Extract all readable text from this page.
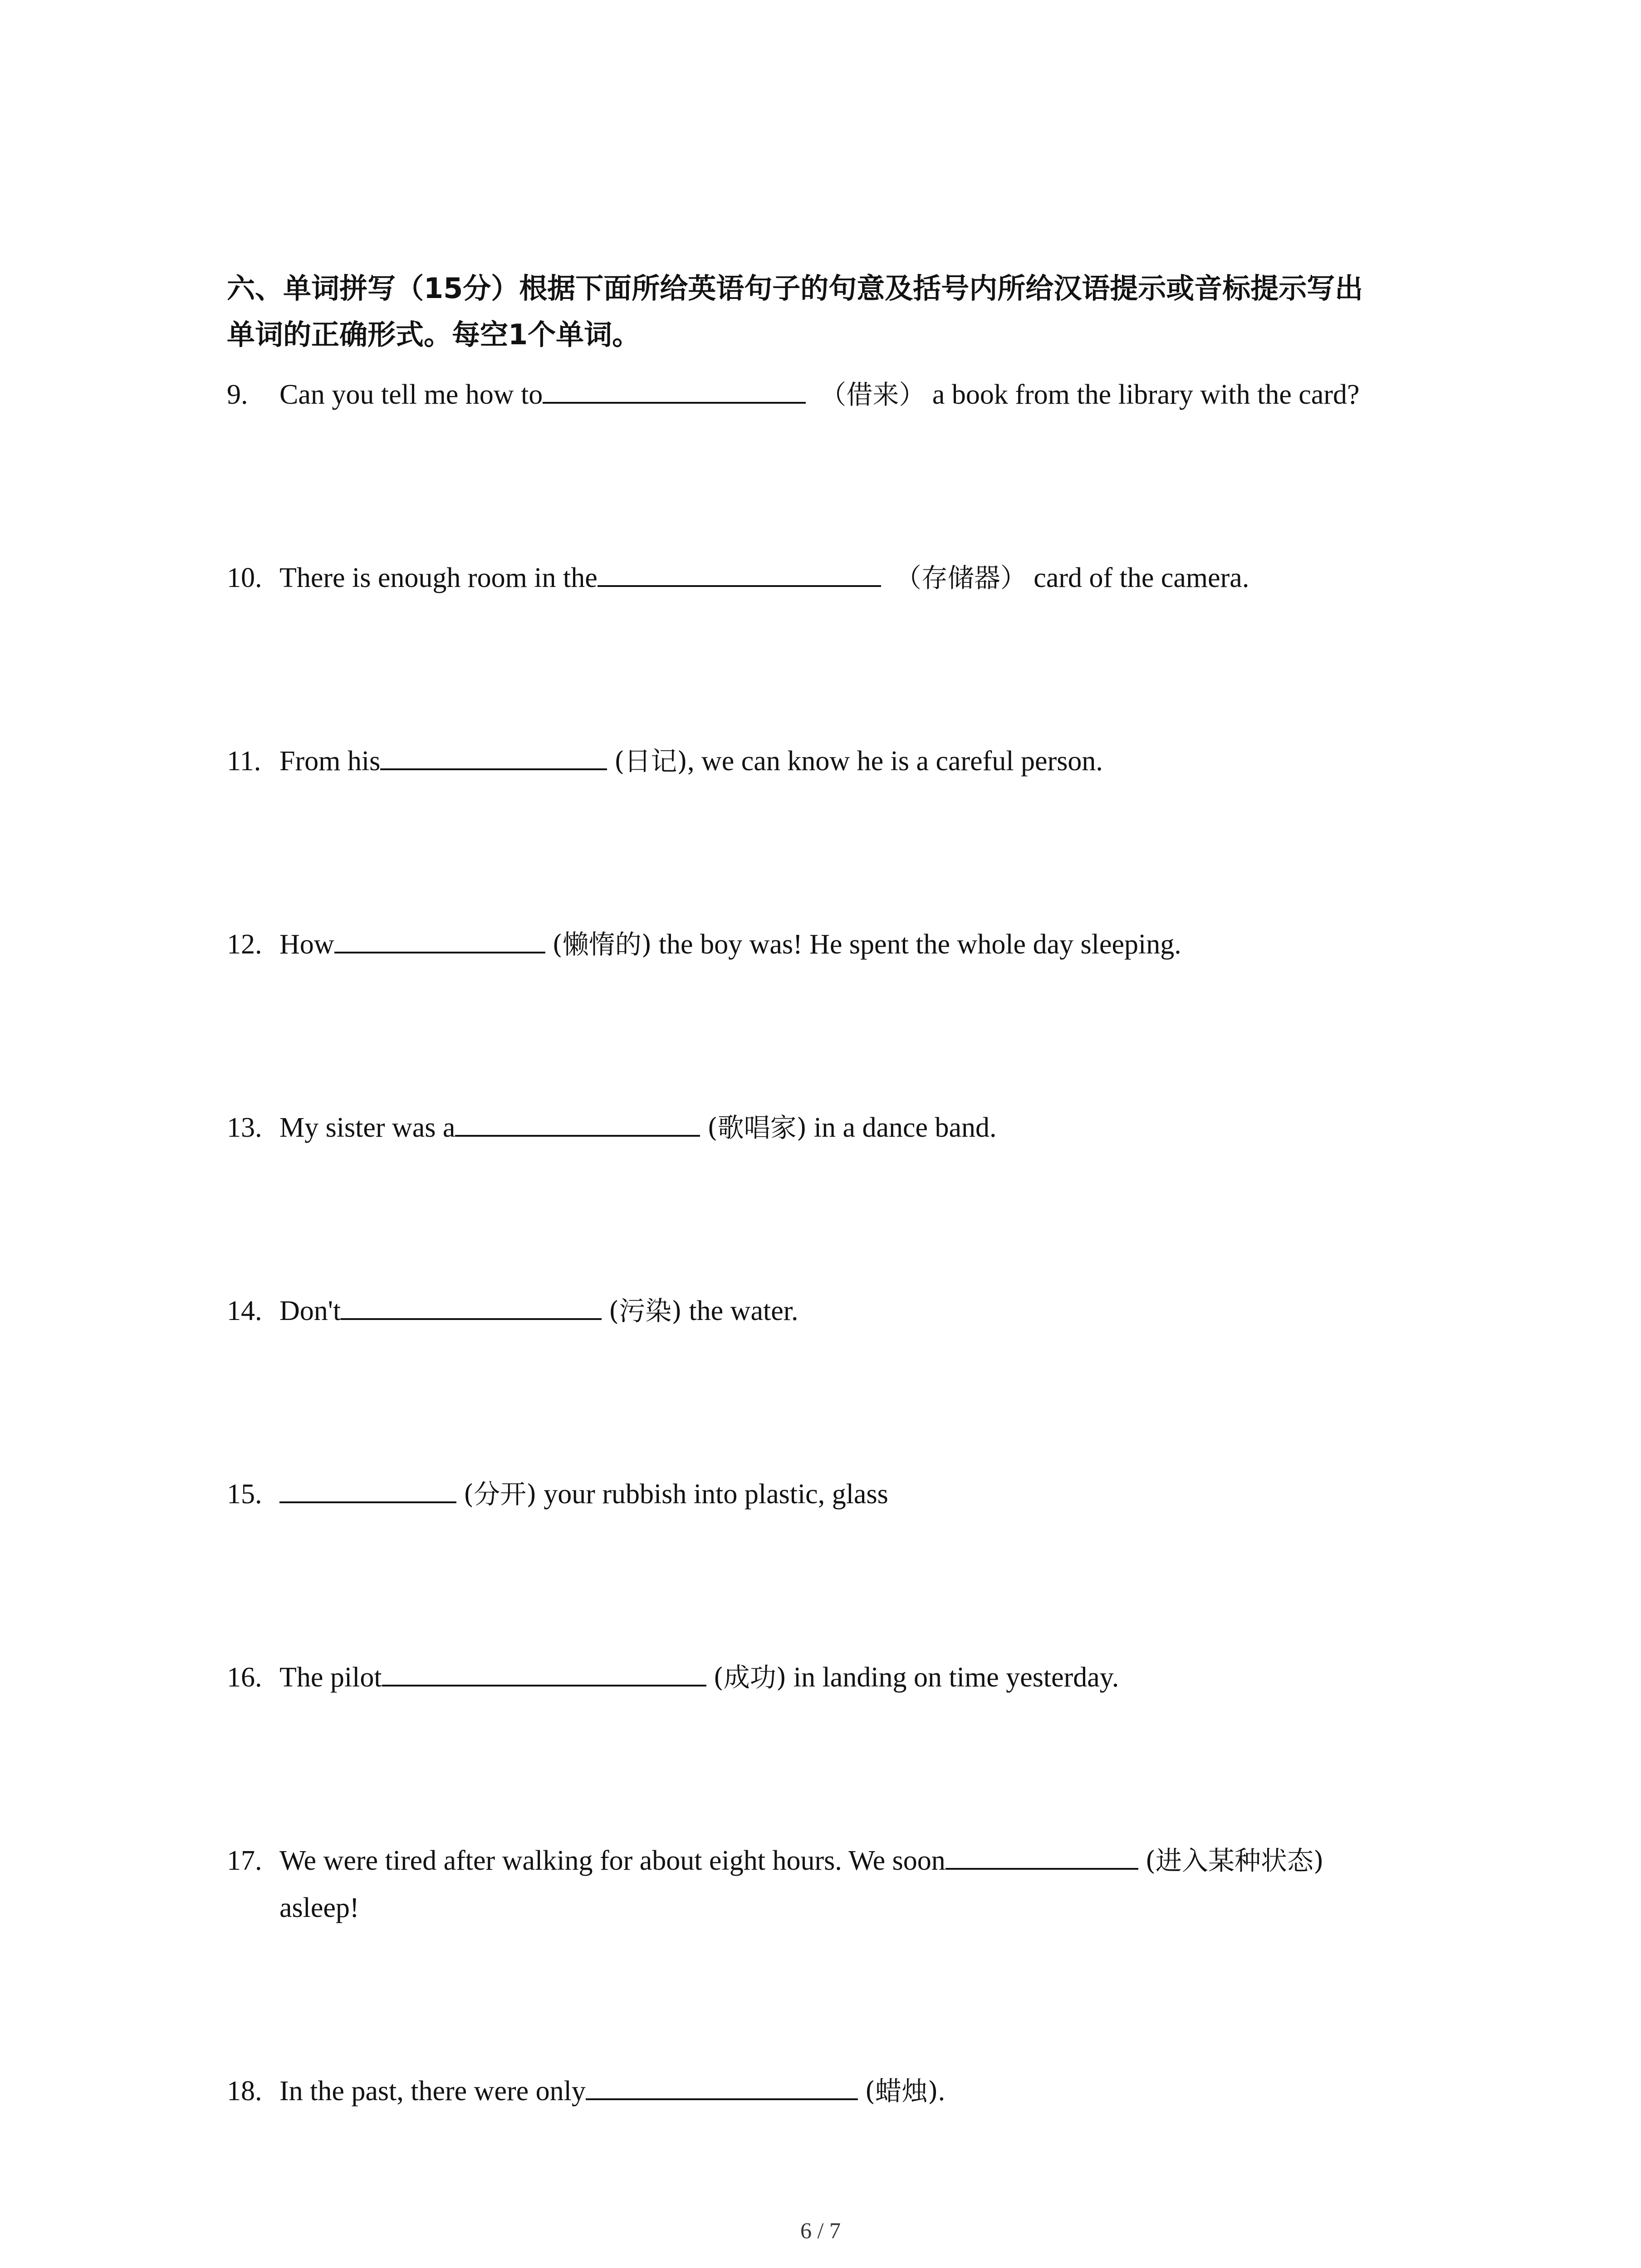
六、单词拼写（15分）根据下面所给英语句子的句意及括号内所给汉语提示或音标提示写出
单词的正确形式。每空1个单词。
9. Can you tell me how to	（借来） a book from the library with the card?
10. There is enough room in the	（存储器） card of the camera.
11. From his	(日记), we can know he is a careful person.
12. How	(懒惰的) the boy was! He spent the whole day sleeping.
13. My sister was a	(歌唱家) in a dance band.
14. Don't	(污染) the water.
15.	(分开) your rubbish into plastic, glass
16. The pilot	(成功) in landing on time yesterday.
17. We were tired after walking for about eight hours. We soon	(进入某种状态)
asleep!
18. In the past, there were only	(蜡烛).
6 / 7
